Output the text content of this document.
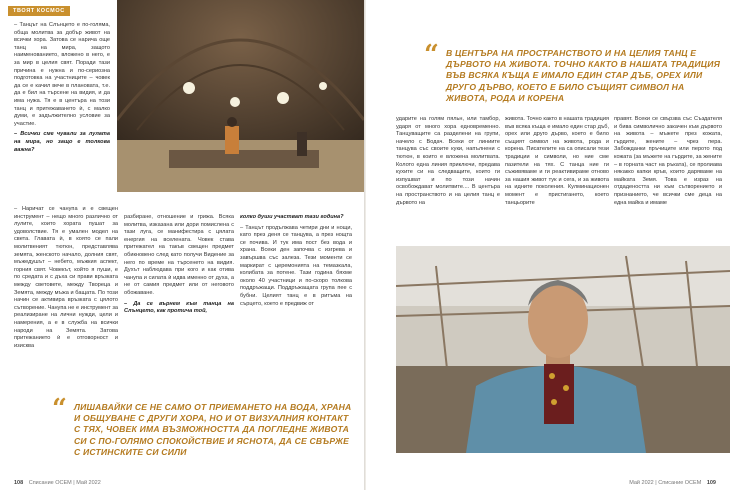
ТВОЯТ КОСМОС

– Танцът на Слънцето е по-голяма, обща молитва за добър живот на всички хора. Затова се нарича още танц на мира, защото наименованието, вложено в него, е за мир в целия свят. Поради тази причина е нужна и по-сериозна подготовка на участниците – човек да се е качил вече в плановата, т.е. да е бил на търсене на видия, и да има нужа. Тя е в центъра на този танц и притежаването ѝ, с малко думи, е задължително условие за участие.

– Всички сме чували за лулата на мира, но защо е толкова важна?

– Наричат се чанупа и е свещен инструмент – нещо много различно от лулите, които хората пушат за удоволствие. Тя е умален модел на света. Главата ѝ, в която се пали молитвеният тютюн, представлява земята, женското начало, долния свят, мъжедушът – небето, мъжкия аспект, горния свят. Човекът, който я пуши, е по средата и с дъха си прави връзката между световете, между Твореца и Земята, между мъжа и бащата. По този начин се активира връзката с цялото сътворение. Чанупа не е инструмент за реализиране на лични нужди, цели и намерения, а е в служба на всички народи на Земята. Затова притежанието ѝ е отговорност и изисква

разбиране, отношение и грижа. Всяка молитва, изказана или дори помислена с тази луга, се манифестира с цялата енергия на вселената. Човек става притежател на такъв свещен предмет обикновено след като получи Видение за него по време на търсенето на видия. Духът наблюдава при кого и как отива чанупа и силата ѝ идва именно от духа, а не от самия предмет или от неговото обожаване.

– Да се върнем към танца на Слънцето, как протича той,

колко души участват тази година?

– Танцът продължава четири дни и нощи, като през деня се танцува, а през нощта се почива. И тук има пост без вода и храна. Всеки ден започва с изгрева и завършва със залеза. Тези моменти се маркират с церемонията на темазкала, колибата за потене. Тази година бяхме около 40 участници и по-скоро толкова поддръжащи. Поддръжащата група пее с бубни. Целият танц е в ритъма на сърцето, което е предвиж от

“ ЛИШАВАЙКИ СЕ НЕ САМО ОТ ПРИЕМАНЕТО НА ВОДА, ХРАНА И ОБЩУВАНЕ С ДРУГИ ХОРА, НО И ОТ ВИЗУАЛНИЯ КОНТАКТ С ТЯХ, ЧОВЕК ИМА ВЪЗМОЖНОСТТА ДА ПОГЛЕДНЕ ЖИВОТА СИ С ПО-ГОЛЯМО СПОКОЙСТВИЕ И ЯСНОТА, ДА СЕ СВЪРЖЕ С ИСТИНСКИТЕ СИ СИЛИ
108 Списание ОСЕМ | Май 2022
“ В ЦЕНТЪРА НА ПРОСТРАНСТВОТО И НА ЦЕЛИЯ ТАНЦ Е ДЪРВОТО НА ЖИВОТА. ТОЧНО КАКТО В НАШАТА ТРАДИЦИЯ ВЪВ ВСЯКА КЪЩА Е ИМАЛО ЕДИН СТАР ДЪБ, ОРЕХ ИЛИ ДРУГО ДЪРВО, КОЕТО Е БИЛО СЪЩИЯТ СИМВОЛ НА ЖИВОТА, РОДА И КОРЕНА

ударите на голям пяльн, или тамбор, ударя от много хора едновременно. Танцуващите са разделени на групи, начело с Водач. Всеки от линиите танцува със своите куки, напълнени с тютюн, в които е вложена молитвата. Колото една линия приключи, предава кухите си на следващите, които ги изпушват и по този начин освобождават молитвите.... В центъра на пространството и на целия танц е дървото на

живота. Точно както в нашата традиция във всяка къща е имало един стар дъб, орех или друго дърво, което е било същият символ на живота, рода и корена. Писателите на са описали тези традиции и символи, но ние сме пазители на тях. С танца ние ги съживяваме и ги реактивираме отново за нашия живот тук и сега, и за живота на идните поколения. Кулминационен момент е пристигането, което танцьорите

правят. Всеки се свързва със Създателя и бива символично закачен към дървото на живота – мъжете през кожата, гърдите, жените – чрез пера. Забожданки пръчиците или перото под кожата (за мъжете на гърдите, за жените – в горната част на ръката), се пролиава някакко капки кръв, които даряваме на майката Земя. Това е израз на отдадеността ни към сътворението и признанието, че всички сме деца на една майка и имаме

Май 2022 | Списание ОСЕМ 109
